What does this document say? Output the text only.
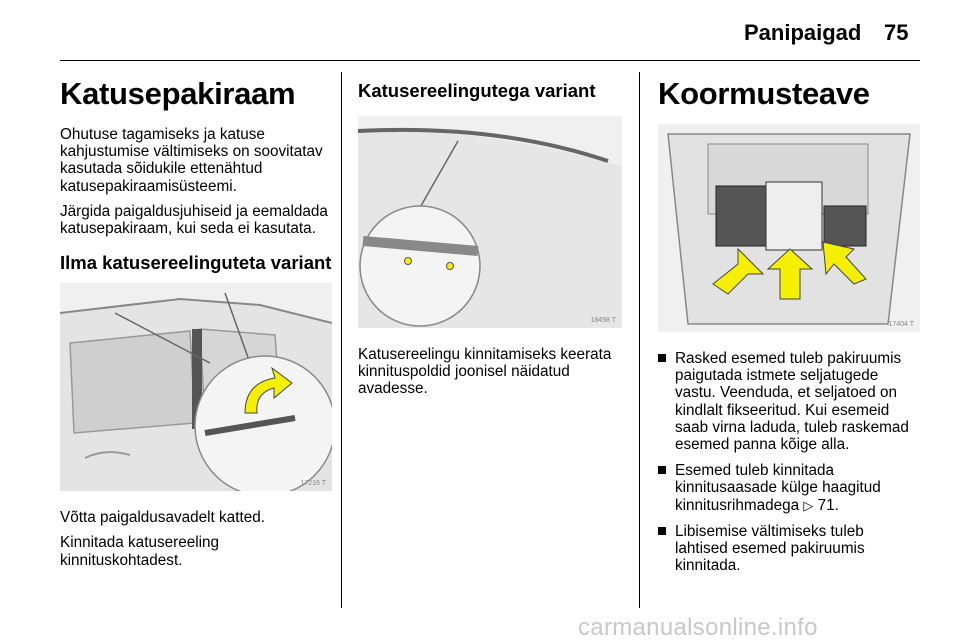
Panipaigad 75
Katusepakiraam

Ohutuse tagamiseks ja katuse kahjustumise vältimiseks on soovitatav kasutada sõidukile ettenähtud katusepakiraamisüsteemi.

Järgida paigaldusjuhiseid ja eemaldada katusepakiraam, kui seda ei kasutata.

Ilma katusereelinguteta variant
17216 T

Võtta paigaldusavadelt katted.

Kinnitada katusereeling kinnituskohtadest.

Katusereelingutega variant
18498 T

Katusereelingu kinnitamiseks keerata kinnituspoldid joonisel näidatud avadesse.

Koormusteave
17404 T
Rasked esemed tuleb pakiruumis paigutada istmete seljatugede vastu. Veenduda, et seljatoed on kindlalt fikseeritud. Kui esemeid saab virna laduda, tuleb raskemad esemed panna kõige alla.
Esemed tuleb kinnitada kinnitusaasade külge haagitud kinnitusrihmadega ▷ 71.
Libisemise vältimiseks tuleb lahtised esemed pakiruumis kinnitada.
carmanualsonline.info
